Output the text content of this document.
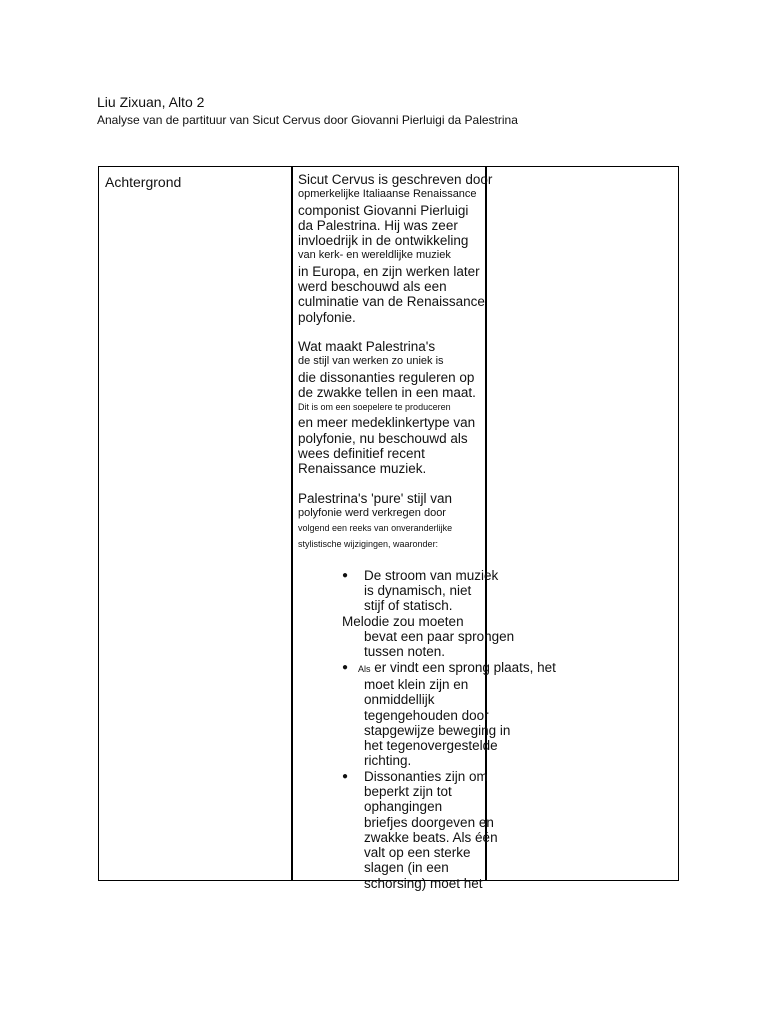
Liu Zixuan, Alto 2
Analyse van de partituur van Sicut Cervus door Giovanni Pierluigi da Palestrina
Achtergrond	Sicut Cervus is geschreven door
opmerkelijke Italiaanse Renaissance
componist Giovanni Pierluigi
da Palestrina. Hij was zeer
invloedrijk in de ontwikkeling
van kerk- en wereldlijke muziek
in Europa, en zijn werken later
werd beschouwd als een
culminatie van de Renaissance
polyfonie.
Wat maakt Palestrina's
de stijl van werken zo uniek is
die dissonanties reguleren op
de zwakke tellen in een maat.
Dit is om een soepelere te produceren
en meer medeklinkertype van
polyfonie, nu beschouwd als
wees definitief recent
Renaissance muziek.
Palestrina's 'pure' stijl van
polyfonie werd verkregen door
volgend een reeks van onveranderlijke
stylistische wijzigingen, waaronder:
●	De stroom van muziek
is dynamisch, niet
stijf of statisch.
Melodie zou moeten
bevat een paar sprongen
tussen noten.
●	Als er vindt een sprong plaats, het
moet klein zijn en
onmiddellijk
tegengehouden door
stapgewijze beweging in
het tegenovergestelde
richting.
●	Dissonanties zijn om
beperkt zijn tot
ophangingen
briefjes doorgeven en
zwakke beats. Als één
valt op een sterke
slagen (in een
schorsing) moet het
